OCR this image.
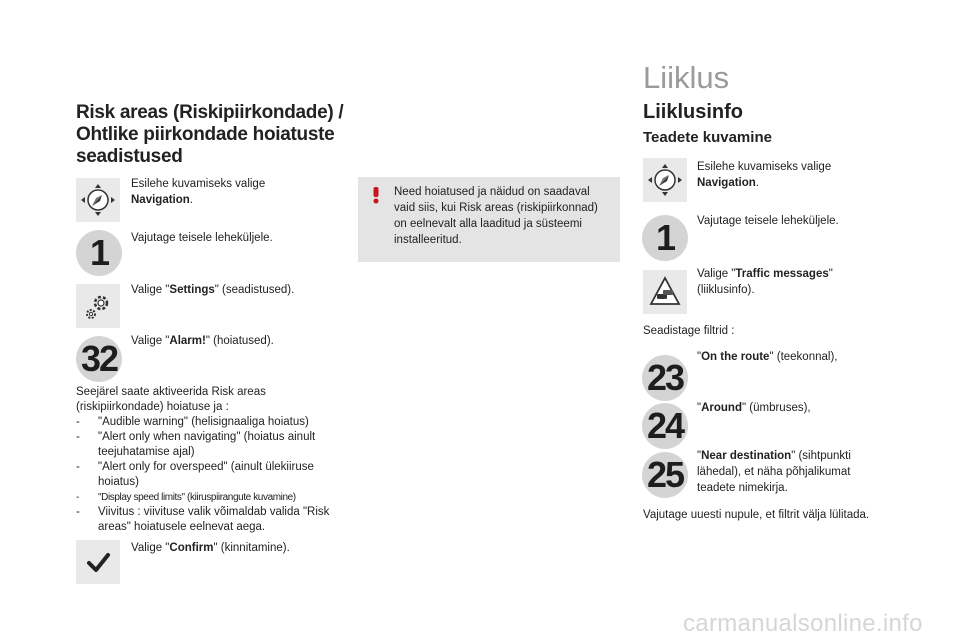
Risk areas (Riskipiirkondade) /
Ohtlike piirkondade hoiatuste
seadistused
Esilehe kuvamiseks valige
Navigation.
1	Vajutage teisele leheküljele.
Valige "Settings" (seadistused).
32	Valige "Alarm!" (hoiatused).
Seejärel saate aktiveerida Risk areas
(riskipiirkondade) hoiatuse ja :
- "Audible warning" (helisignaaliga hoiatus)
- "Alert only when navigating" (hoiatus ainult teejuhatamise ajal)
- "Alert only for overspeed" (ainult ülekiiruse hoiatus)
- "Display speed limits" (kiiruspiirangute kuvamine)
- Viivitus : viivituse valik võimaldab valida "Risk areas" hoiatusele eelnevat aega.
Valige "Confirm" (kinnitamine).
Need hoiatused ja näidud on saadaval vaid siis, kui Risk areas (riskipiirkonnad) on eelnevalt alla laaditud ja süsteemi installeeritud.
Liiklus
Liiklusinfo
Teadete kuvamine
Esilehe kuvamiseks valige
Navigation.
Vajutage teisele leheküljele.
1
Valige "Traffic messages"
(liiklusinfo).
Seadistage filtrid :
23	"On the route" (teekonnal),
24	"Around" (ümbruses),
25	"Near destination" (sihtpunkti
lähedal), et näha põhjalikumat
teadete nimekirja.
Vajutage uuesti nupule, et filtrit välja lülitada.
carmanualsonline.info
